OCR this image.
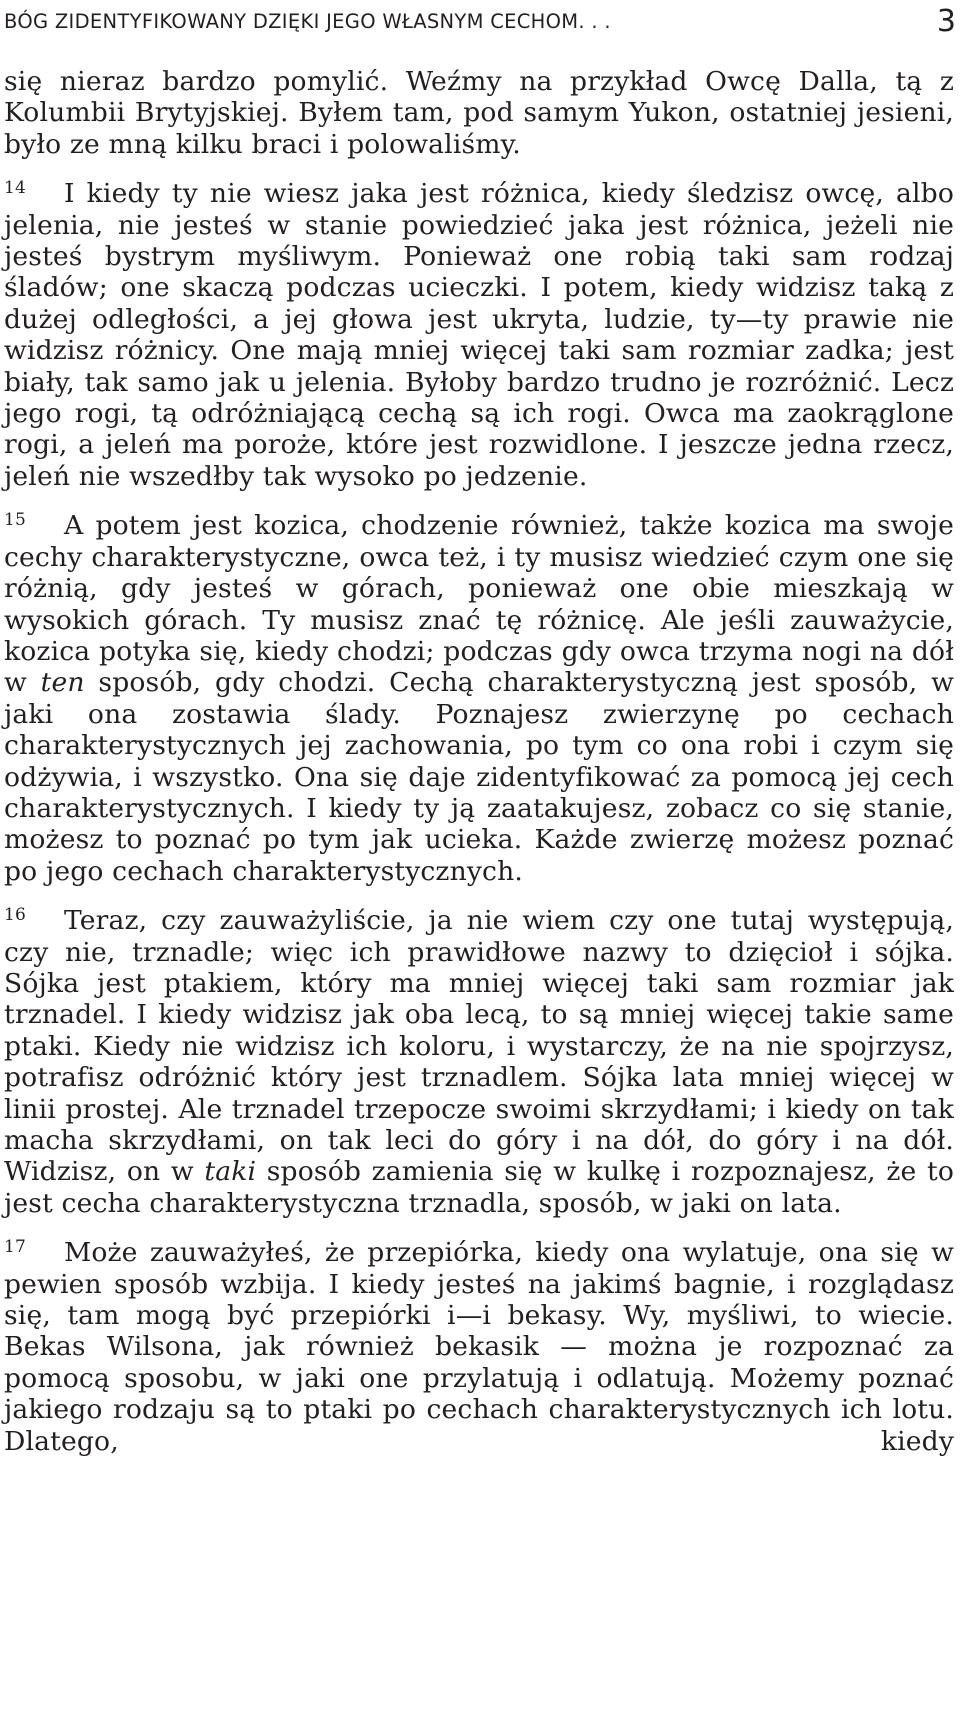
BÓG ZIDENTYFIKOWANY DZIĘKI JEGO WŁASNYM CECHOM. . .	3

się nieraz bardzo pomylić. Weźmy na przykład Owcę Dalla, tą z Kolumbii Brytyjskiej. Byłem tam, pod samym Yukon, ostatniej jesieni, było ze mną kilku braci i polowaliśmy.

$^{14}$ I kiedy ty nie wiesz jaka jest różnica, kiedy śledzisz owcę, albo jelenia, nie jesteś w stanie powiedzieć jaka jest różnica, jeżeli nie jesteś bystrym myśliwym. Ponieważ one robią taki sam rodzaj śladów; one skaczą podczas ucieczki. I potem, kiedy widzisz taką z dużej odległości, a jej głowa jest ukryta, ludzie, ty—ty prawie nie widzisz różnicy. One mają mniej więcej taki sam rozmiar zadka; jest biały, tak samo jak u jelenia. Byłoby bardzo trudno je rozróżnić. Lecz jego rogi, tą odróżniającą cechą są ich rogi. Owca ma zaokrąglone rogi, a jeleń ma poroże, które jest rozwidlone. I jeszcze jedna rzecz, jeleń nie wszedłby tak wysoko po jedzenie.

$^{15}$ A potem jest kozica, chodzenie również, także kozica ma swoje cechy charakterystyczne, owca też, i ty musisz wiedzieć czym one się różnią, gdy jesteś w górach, ponieważ one obie mieszkają w wysokich górach. Ty musisz znać tę różnicę. Ale jeśli zauważycie, kozica potyka się, kiedy chodzi; podczas gdy owca trzyma nogi na dół w ten sposób, gdy chodzi. Cechą charakterystyczną jest sposób, w jaki ona zostawia ślady. Poznajesz zwierzynę po cechach charakterystycznych jej zachowania, po tym co ona robi i czym się odżywia, i wszystko. Ona się daje zidentyfikować za pomocą jej cech charakterystycznych. I kiedy ty ją zaatakujesz, zobacz co się stanie, możesz to poznać po tym jak ucieka. Każde zwierzę możesz poznać po jego cechach charakterystycznych.

$^{16}$ Teraz, czy zauważyliście, ja nie wiem czy one tutaj występują, czy nie, trznadle; więc ich prawidłowe nazwy to dzięcioł i sójka. Sójka jest ptakiem, który ma mniej więcej taki sam rozmiar jak trznadel. I kiedy widzisz jak oba lecą, to są mniej więcej takie same ptaki. Kiedy nie widzisz ich koloru, i wystarczy, że na nie spojrzysz, potrafisz odróżnić który jest trznadlem. Sójka lata mniej więcej w linii prostej. Ale trznadel trzepocze swoimi skrzydłami; i kiedy on tak macha skrzydłami, on tak leci do góry i na dół, do góry i na dół. Widzisz, on w taki sposób zamienia się w kulkę i rozpoznajesz, że to jest cecha charakterystyczna trznadla, sposób, w jaki on lata.

$^{17}$ Może zauważyłeś, że przepiórka, kiedy ona wylatuje, ona się w pewien sposób wzbija. I kiedy jesteś na jakimś bagnie, i rozglądasz się, tam mogą być przepiórki i—i bekasy. Wy, myśliwi, to wiecie. Bekas Wilsona, jak również bekasik — można je rozpoznać za pomocą sposobu, w jaki one przylatują i odlatują. Możemy poznać jakiego rodzaju są to ptaki po cechach charakterystycznych ich lotu. Dlatego, kiedy
